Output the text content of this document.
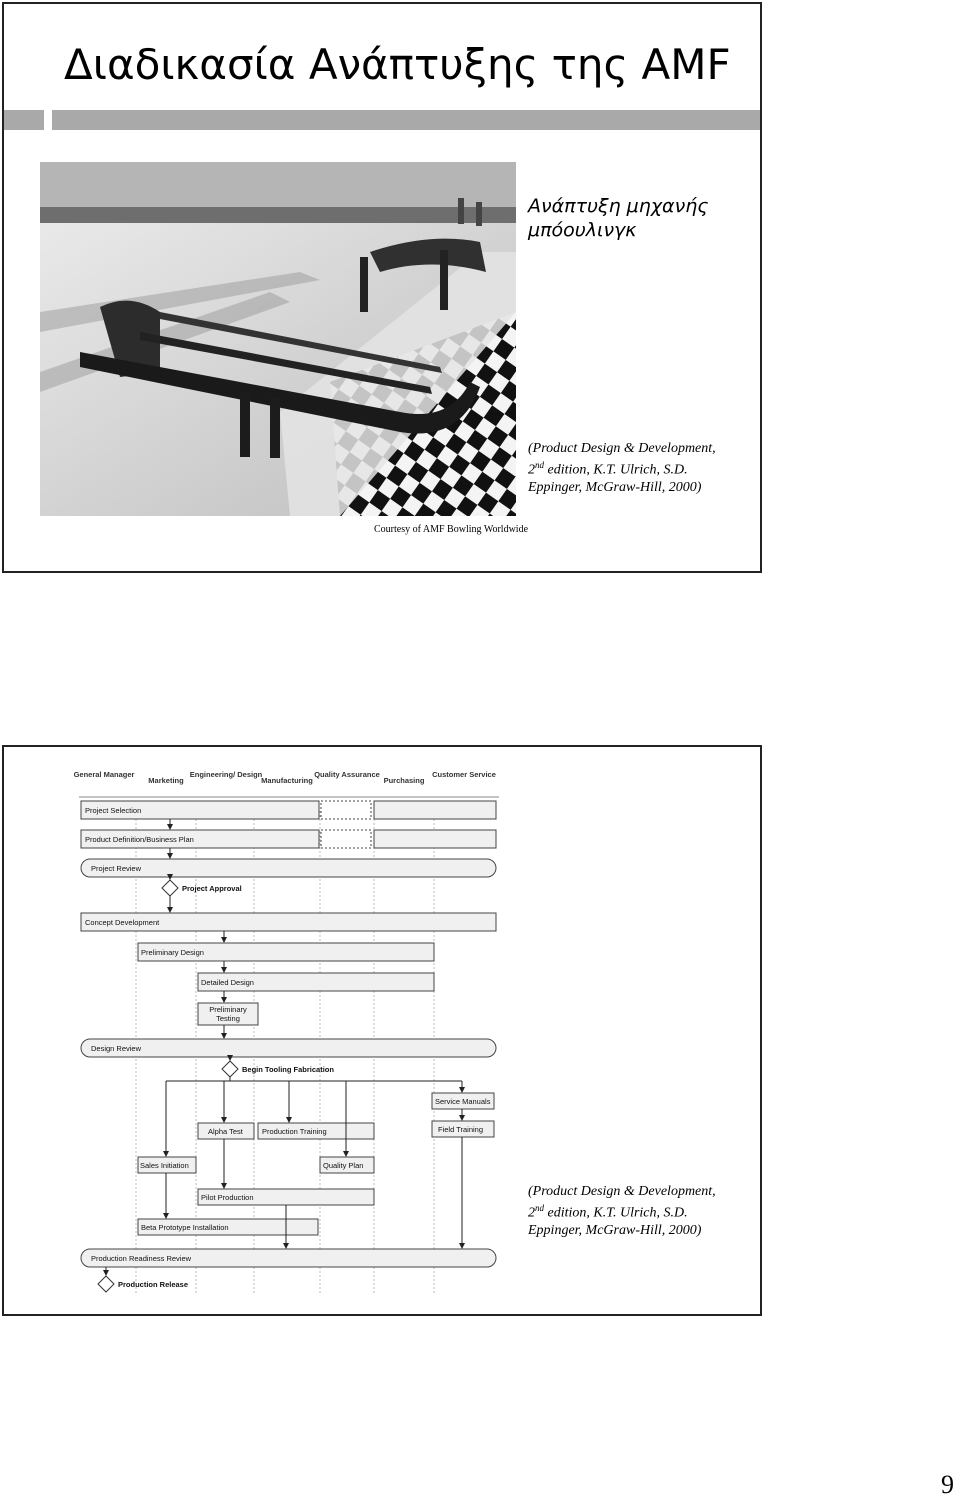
Διαδικασία Ανάπτυξης της AMF
Courtesy of AMF Bowling Worldwide
Ανάπτυξη μηχανής
μπόουλινγκ
(Product Design & Development,
2nd edition, K.T. Ulrich, S.D.
Eppinger, McGraw-Hill, 2000)
General Manager
Marketing
Engineering/ Design
Manufacturing
Quality Assurance
Purchasing
Customer Service
Project Selection
Product Definition/Business Plan
Project Review
Project Approval
Concept Development
Preliminary Design
Detailed Design
Preliminary
Testing
Design Review
Begin Tooling Fabrication
Service Manuals
Alpha Test	Production Training	Field Training
Sales Initiation	Quality Plan
Pilot Production
Beta Prototype Installation
Production Readiness Review
Production Release
(Product Design & Development,
2nd edition, K.T. Ulrich, S.D.
Eppinger, McGraw-Hill, 2000)
9
